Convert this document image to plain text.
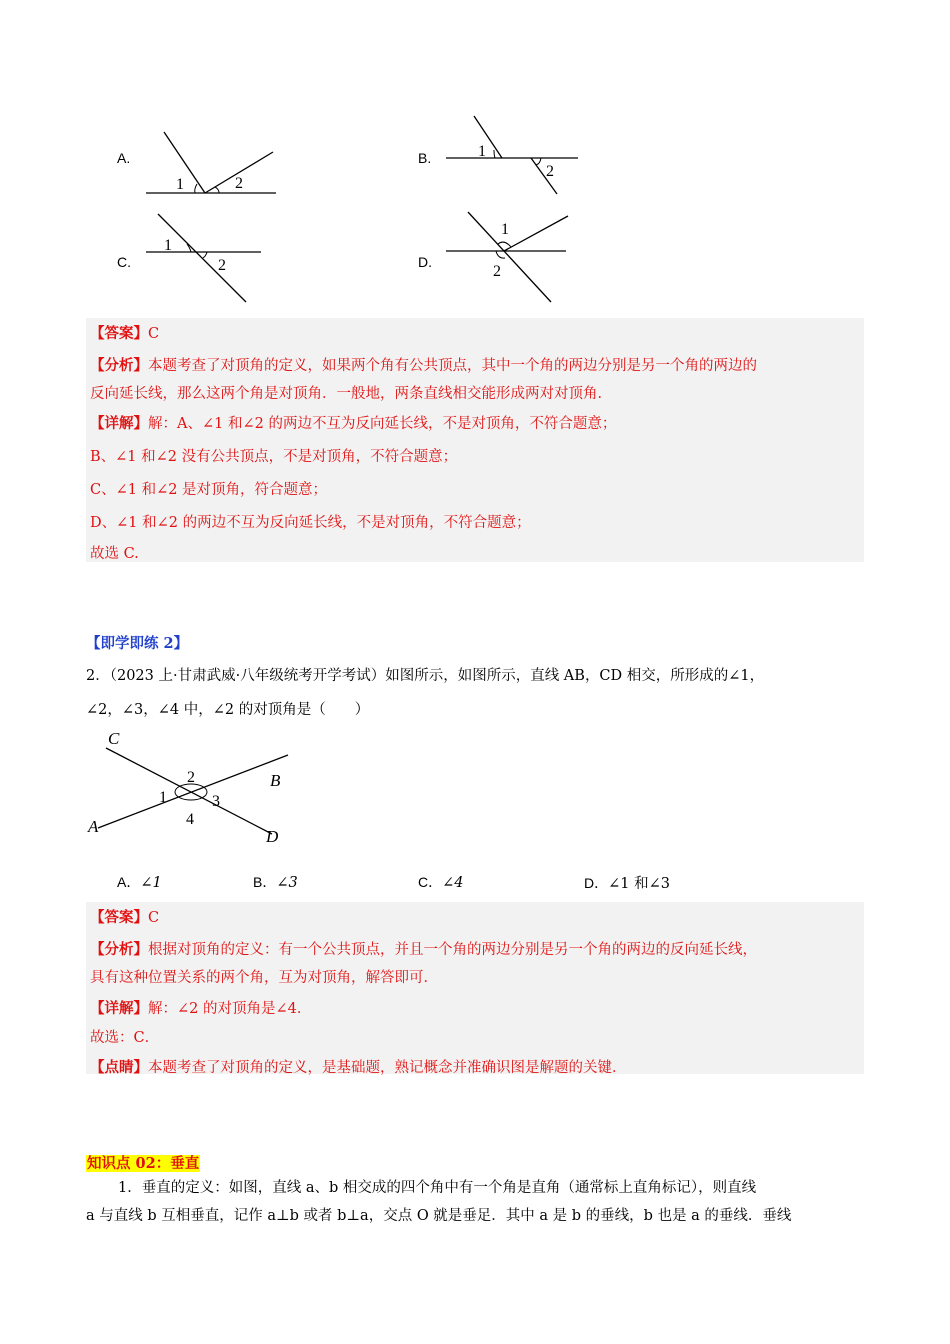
A.
1	2
B.	1
2
C.
1
2	D.
1
2
【答案】C
【分析】本题考查了对顶角的定义，如果两个角有公共顶点，其中一个角的两边分别是另一个角的两边的
反向延长线，那么这两个角是对顶角．一般地，两条直线相交能形成两对对顶角．
【详解】解：A、∠1 和∠2 的两边不互为反向延长线，不是对顶角，不符合题意；
B、∠1 和∠2 没有公共顶点，不是对顶角，不符合题意；
C、∠1 和∠2 是对顶角，符合题意；
D、∠1 和∠2 的两边不互为反向延长线，不是对顶角，不符合题意；
故选 C.
【即学即练 2】
2．（2023 上·甘肃武威·八年级统考开学考试）如图所示，如图所示，直线 AB，CD 相交，所形成的∠1，
∠2，∠3，∠4 中，∠2 的对顶角是（　　）
C
B
A
D
1
2
3
4
A．∠1	B．∠3	C．∠4	D．∠1 和∠3
【答案】C
【分析】根据对顶角的定义：有一个公共顶点，并且一个角的两边分别是另一个角的两边的反向延长线，
具有这种位置关系的两个角，互为对顶角，解答即可．
【详解】解：∠2 的对顶角是∠4．
故选：C．
【点睛】本题考查了对顶角的定义，是基础题，熟记概念并准确识图是解题的关键．
知识点 02：垂直
1．垂直的定义：如图，直线 a、b 相交成的四个角中有一个角是直角（通常标上直角标记），则直线
a 与直线 b 互相垂直，记作 a⊥b 或者 b⊥a，交点 O 就是垂足．其中 a 是 b 的垂线，b 也是 a 的垂线．垂线
